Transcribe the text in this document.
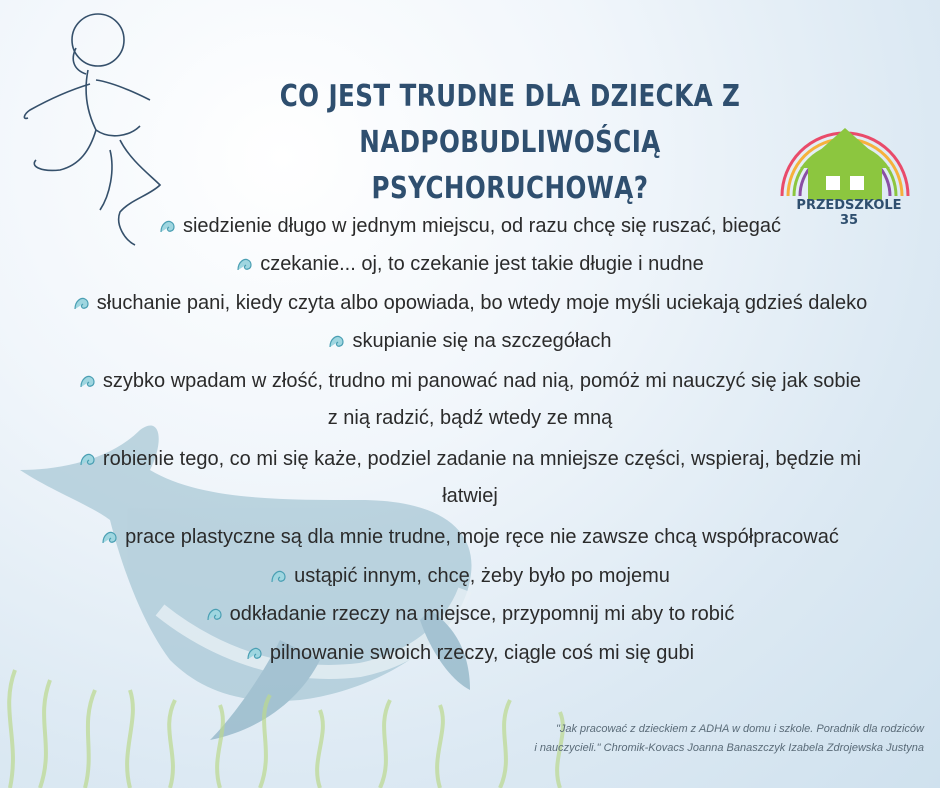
PRZEDSZKOLE 35
CO JEST TRUDNE DLA DZIECKA Z NADPOBUDLIWOŚCIĄ
PSYCHORUCHOWĄ?
siedzienie długo w jednym miejscu, od razu chcę się ruszać, biegać
czekanie... oj, to czekanie jest takie długie i nudne
słuchanie pani, kiedy czyta albo opowiada, bo wtedy moje myśli uciekają gdzieś daleko
skupianie się na szczegółach
szybko wpadam w złość, trudno mi panować nad nią, pomóż mi nauczyć się jak sobie
z nią radzić, bądź wtedy ze mną
robienie tego, co mi się każe, podziel zadanie na mniejsze części, wspieraj, będzie mi
łatwiej
prace plastyczne są dla mnie trudne, moje ręce nie zawsze chcą współpracować
ustąpić innym, chcę, żeby było po mojemu
odkładanie rzeczy na miejsce, przypomnij mi aby to robić
pilnowanie swoich rzeczy, ciągle coś mi się gubi
"Jak pracować z dzieckiem z ADHA w domu i szkole. Poradnik dla rodziców
i nauczycieli." Chromik-Kovacs Joanna Banaszczyk Izabela Zdrojewska Justyna
